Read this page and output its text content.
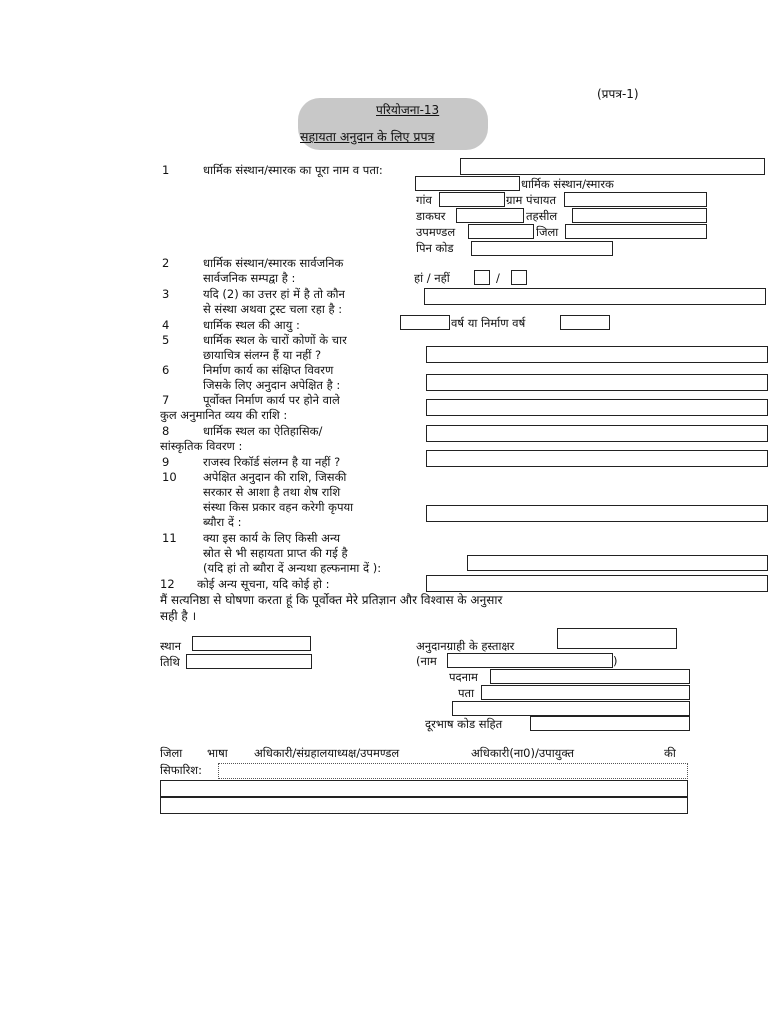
(प्रपत्र-1)
परियोजना-13
सहायता अनुदान के लिए प्रपत्र
1	धार्मिक संस्थान/स्मारक का पूरा नाम व पता:
धार्मिक संस्थान/स्मारक
गांव	ग्राम पंचायत
डाकघर	तहसील
उपमण्डल	जिला
पिन कोड
2	धार्मिक संस्थान/स्मारक सार्वजनिक
सार्वजनिक सम्पद्वा है :	हां / नहीं	/
3	यदि (2) का उत्तर हां में है तो कौन
से संस्था अथवा ट्रस्ट चला रहा है :
4	धार्मिक स्थल की आयु :	वर्ष या निर्माण वर्ष
5	धार्मिक स्थल के चारों कोणों के चार
छायाचित्र संलग्न हैं या नहीं ?
6	निर्माण कार्य का संक्षिप्त विवरण
जिसके लिए अनुदान अपेक्षित है :
7	पूर्वोक्त निर्माण कार्य पर होने वाले
कुल अनुमानित व्यय की राशि :
8	धार्मिक स्थल का ऐतिहासिक/
सांस्कृतिक विवरण :
9	राजस्व रिकॉर्ड संलग्न है या नहीं ?
10 अपेक्षित अनुदान की राशि, जिसकी
सरकार से आशा है तथा शेष राशि
संस्था किस प्रकार वहन करेगी कृपया
ब्यौरा दें :
11 क्या इस कार्य के लिए किसी अन्य
स्रोत से भी सहायता प्राप्त की गई है
(यदि हां तो ब्यौरा दें अन्यथा हल्फनामा दें ):
12 कोई अन्य सूचना, यदि कोई हो :
मैं सत्यनिष्ठा से घोषणा करता हूं कि पूर्वोक्त मेरे प्रतिज्ञान और विश्वास के अनुसार
सही है ।
स्थान
तिथि
अनुदानग्राही के हस्ताक्षर
(नाम	)
पदनाम
पता
दूरभाष कोड सहित
जिला भाषा अधिकारी/संग्रहालयाध्यक्ष/उपमण्डल	अधिकारी(ना0)/उपायुक्त	की
सिफारिश:
